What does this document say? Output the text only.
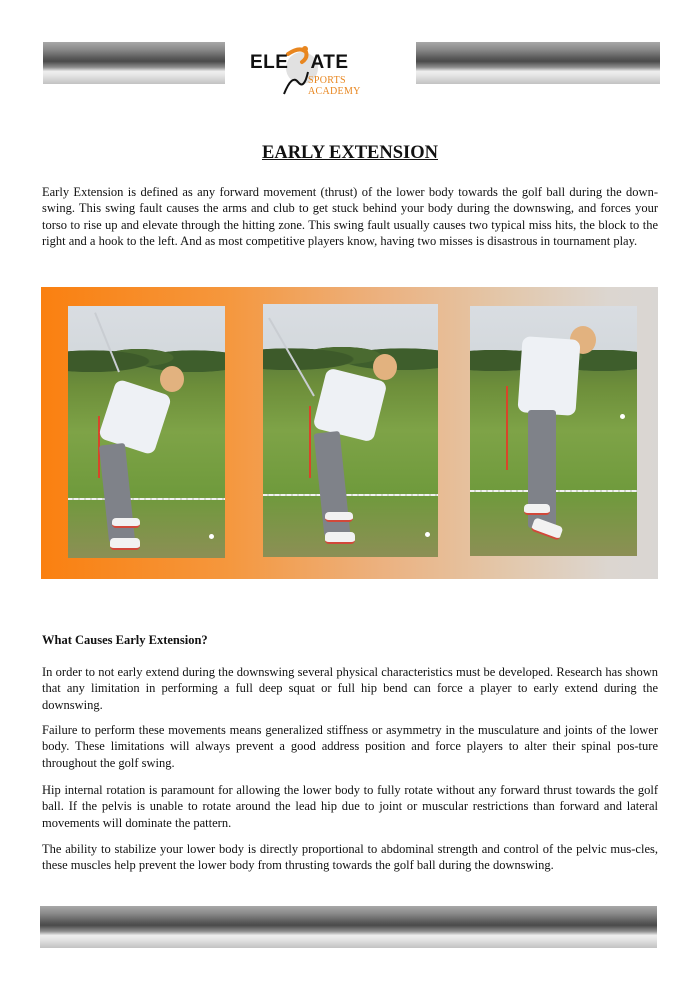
ELE ATE
SPORTS ACADEMY
EARLY EXTENSION

Early Extension is defined as any forward movement (thrust) of the lower body towards the golf ball during the down-swing. This swing fault causes the arms and club to get stuck behind your body during the downswing, and forces your torso to rise up and elevate through the hitting zone. This swing fault usually causes two typical miss hits, the block to the right and a hook to the left. And as most competitive players know, having two misses is disastrous in tournament play.

What Causes Early Extension?

In order to not early extend during the downswing several physical characteristics must be developed. Research has shown that any limitation in performing a full deep squat or full hip bend can force a player to early extend during the downswing.

Failure to perform these movements means generalized stiffness or asymmetry in the musculature and joints of the lower body. These limitations will always prevent a good address position and force players to alter their spinal pos-ture throughout the golf swing.

Hip internal rotation is paramount for allowing the lower body to fully rotate without any forward thrust towards the golf ball. If the pelvis is unable to rotate around the lead hip due to joint or muscular restrictions than forward and lateral movements will dominate the pattern.

The ability to stabilize your lower body is directly proportional to abdominal strength and control of the pelvic mus-cles, these muscles help prevent the lower body from thrusting towards the golf ball during the downswing.
